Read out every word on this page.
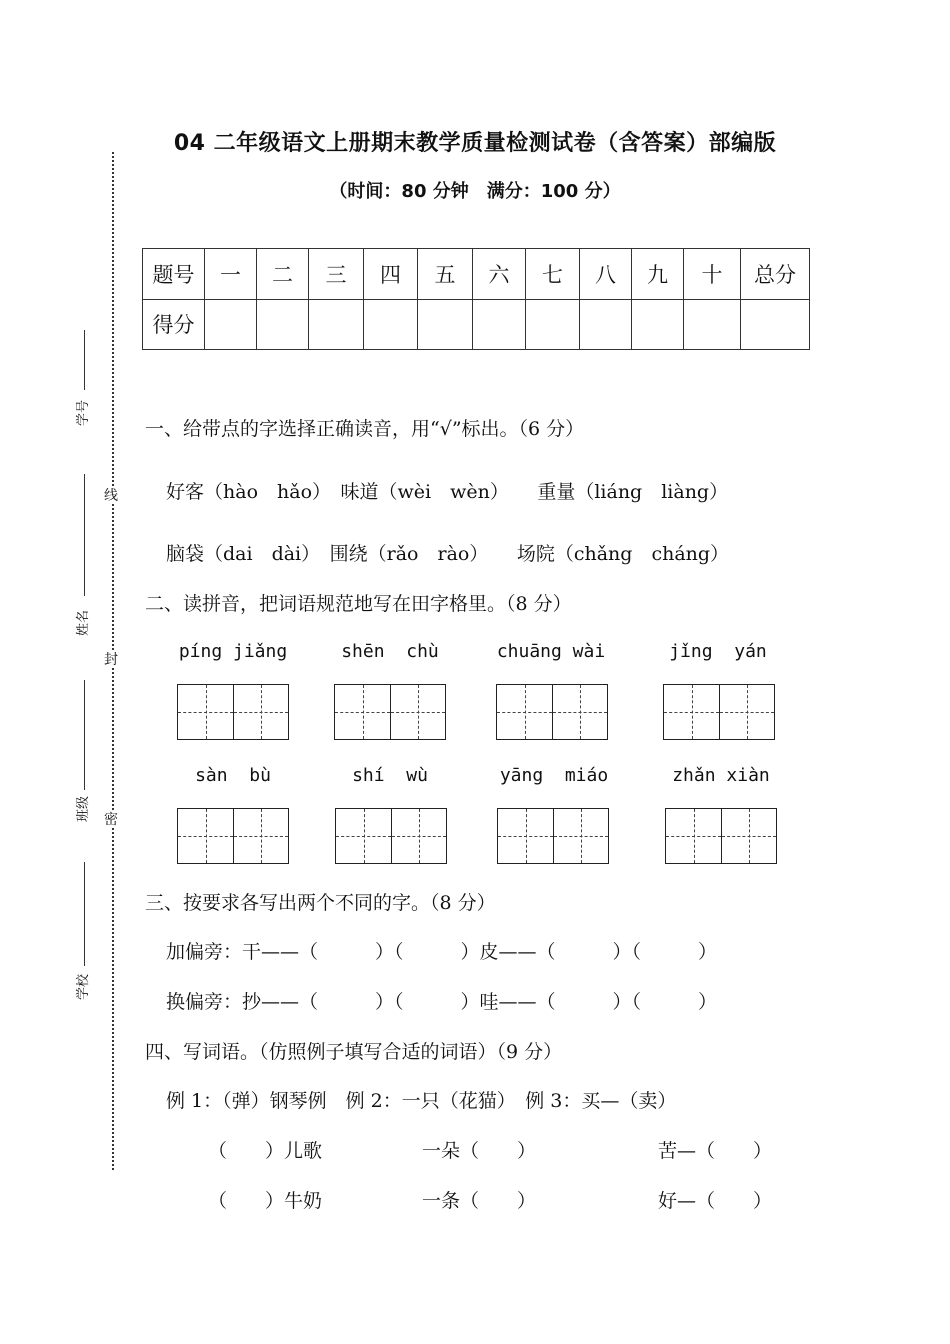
线
封
密
学号
姓名
班级
学校
04 二年级语文上册期末教学质量检测试卷（含答案）部编版
（时间：80 分钟　满分：100 分）
题号	一	二	三	四	五	六	七	八	九	十	总分
得分											
一、给带点的字选择正确读音，用“√”标出。（6 分）
好客（hào　hǎo）　味道（wèi　wèn）　　重量（liáng　liàng）
脑袋（dai　dài）　围绕（rǎo　rào）　　场院（chǎng　cháng）
二、读拼音，把词语规范地写在田字格里。（8 分）
píng jiǎng	shēn  chù	chuāng wài	jǐng  yán
sàn  bù	shí  wù	yāng  miáo	zhǎn xiàn
三、按要求各写出两个不同的字。（8 分）
加偏旁：干——（　　　）（　　　）皮——（　　　）（　　　）
换偏旁：抄——（　　　）（　　　）哇——（　　　）（　　　）
四、写词语。（仿照例子填写合适的词语）（9 分）
例 1：（弹）钢琴例　例 2：一只（花猫）　例 3：买—（卖）
（　　）儿歌	一朵（　　）	苦—（　　）
（　　）牛奶	一条（　　）	好—（　　）
